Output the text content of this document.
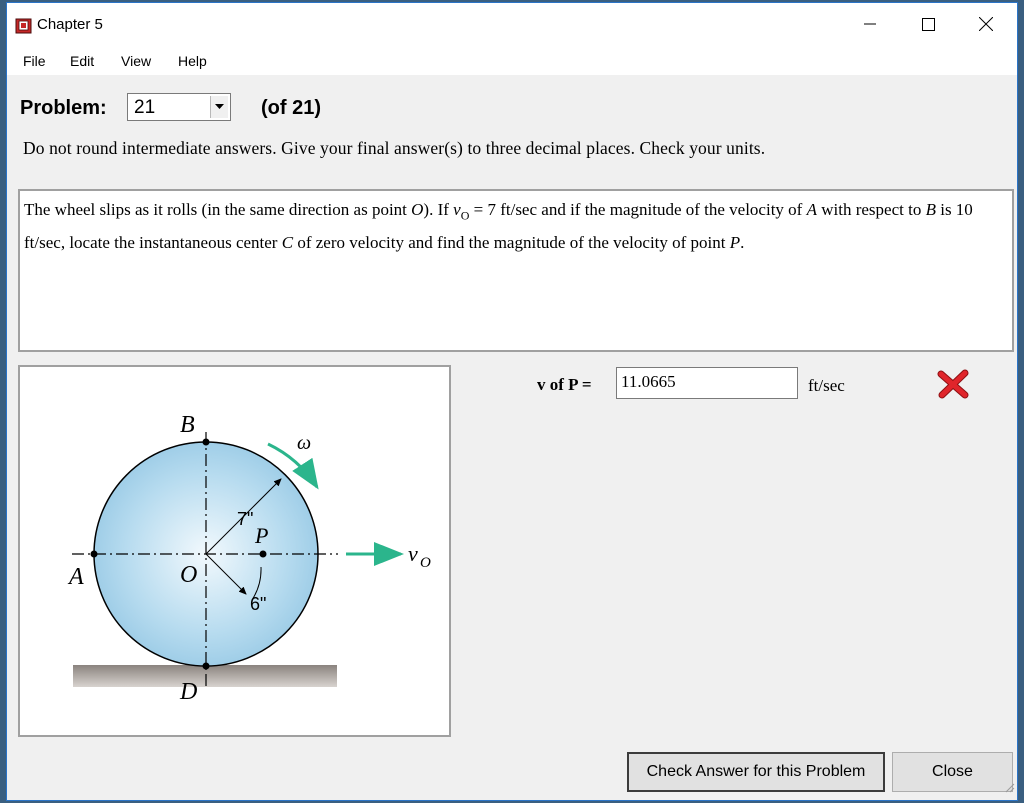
Chapter 5
File Edit View Help
Problem: 21	(of 21)
Do not round intermediate answers. Give your final answer(s) to three decimal places. Check your units.
The wheel slips as it rolls (in the same direction as point O). If $v_O = 7$ ft/sec and if the magnitude of the velocity of A with respect to B is 10 ft/sec, locate the instantaneous center C of zero velocity and find the magnitude of the velocity of point P.
B
A	O
P
D
ω
7"
6"
v O
v of P = 11.0665	ft/sec
Check Answer for this Problem	Close
